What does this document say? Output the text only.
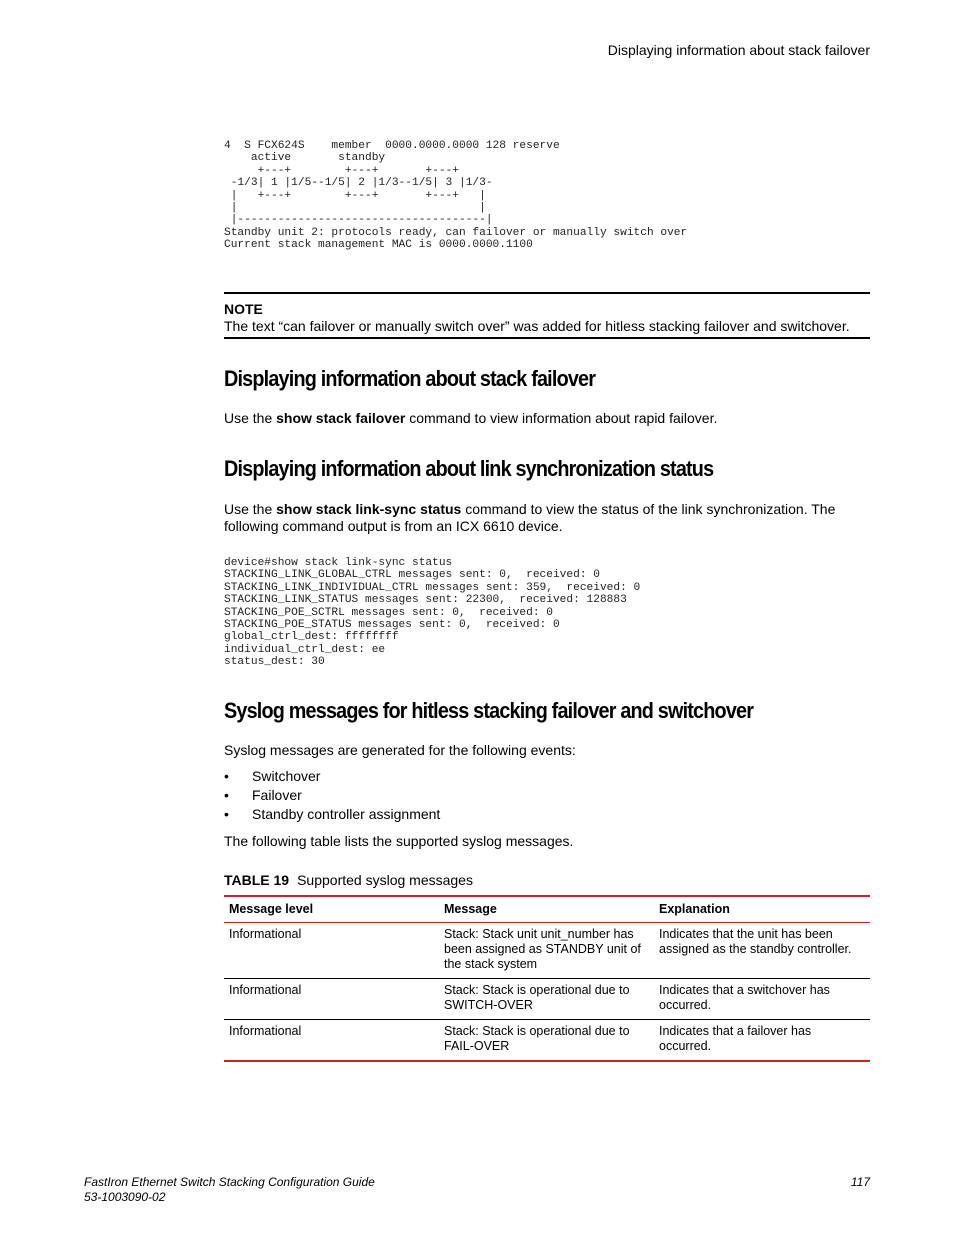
Displaying information about stack failover
4  S FCX624S    member  0000.0000.0000 128 reserve
active       standby
+---+        +---+       +---+
-1/3| 1 |1/5--1/5| 2 |1/3--1/5| 3 |1/3-
|   +---+        +---+       +---+   |
|                                    |
|-------------------------------------|
Standby unit 2: protocols ready, can failover or manually switch over
Current stack management MAC is 0000.0000.1100
NOTE
The text “can failover or manually switch over” was added for hitless stacking failover and switchover.
Displaying information about stack failover

Use the show stack failover command to view information about rapid failover.

Displaying information about link synchronization status

Use the show stack link-sync status command to view the status of the link synchronization. The following command output is from an ICX 6610 device.

device#show stack link-sync status
STACKING_LINK_GLOBAL_CTRL messages sent: 0,  received: 0
STACKING_LINK_INDIVIDUAL_CTRL messages sent: 359,  received: 0
STACKING_LINK_STATUS messages sent: 22300,  received: 128883
STACKING_POE_SCTRL messages sent: 0,  received: 0
STACKING_POE_STATUS messages sent: 0,  received: 0
global_ctrl_dest: ffffffff
individual_ctrl_dest: ee
status_dest: 30
Syslog messages for hitless stacking failover and switchover

Syslog messages are generated for the following events:

• Switchover
• Failover
• Standby controller assignment

The following table lists the supported syslog messages.

TABLE 19 Supported syslog messages
Message level	Message	Explanation
Informational	Stack: Stack unit unit_number has been assigned as STANDBY unit of the stack system	Indicates that the unit has been assigned as the standby controller.
Informational	Stack: Stack is operational due to SWITCH-OVER	Indicates that a switchover has occurred.
Informational	Stack: Stack is operational due to FAIL-OVER	Indicates that a failover has occurred.
FastIron Ethernet Switch Stacking Configuration Guide
53-1003090-02
117
